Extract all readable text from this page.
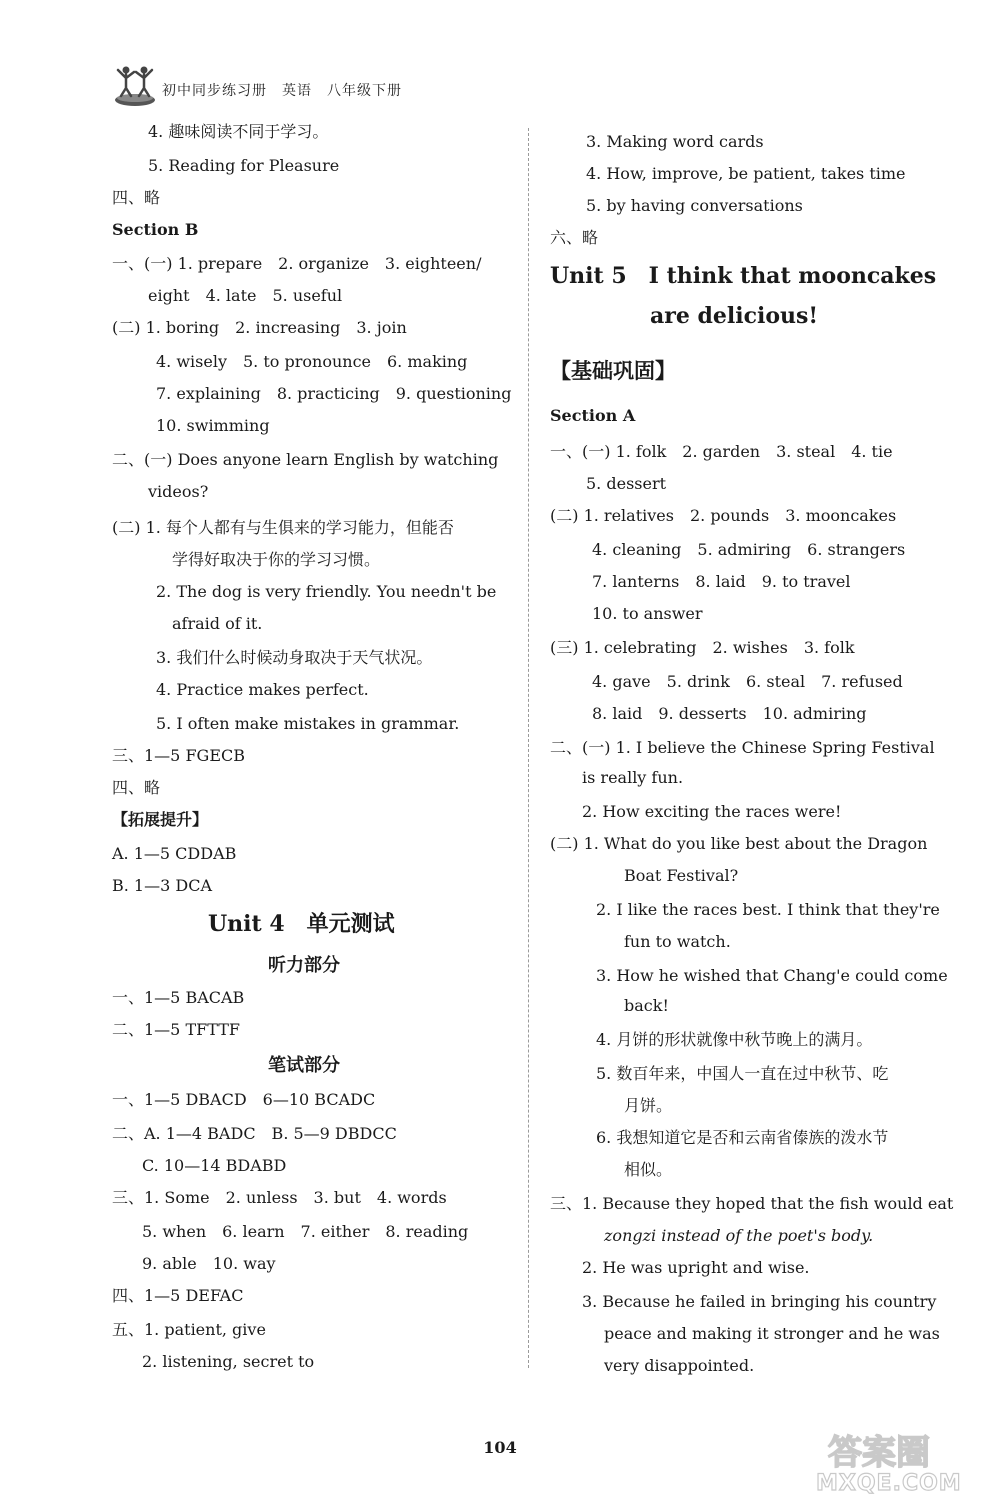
初中同步练习册　英语　八年级下册
4. 趣味阅读不同于学习。
5. Reading for Pleasure
四、略
Section B
一、(一) 1. prepare　2. organize　3. eighteen/
eight　4. late　5. useful
(二) 1. boring　2. increasing　3. join
4. wisely　5. to pronounce　6. making
7. explaining　8. practicing　9. questioning
10. swimming
二、(一) Does anyone learn English by watching
videos?
(二) 1. 每个人都有与生俱来的学习能力，但能否
学得好取决于你的学习习惯。
2. The dog is very friendly. You needn't be
afraid of it.
3. 我们什么时候动身取决于天气状况。
4. Practice makes perfect.
5. I often make mistakes in grammar.
三、1—5 FGECB
四、略
【拓展提升】
A. 1—5 CDDAB
B. 1—3 DCA
Unit 4　单元测试
听力部分
一、1—5 BACAB
二、1—5 TFTTF
笔试部分
一、1—5 DBACD　6—10 BCADC
二、A. 1—4 BADC　B. 5—9 DBDCC
C. 10—14 BDABD
三、1. Some　2. unless　3. but　4. words
5. when　6. learn　7. either　8. reading
9. able　10. way
四、1—5 DEFAC
五、1. patient, give
2. listening, secret to
3. Making word cards
4. How, improve, be patient, takes time
5. by having conversations
六、略
Unit 5　I think that mooncakes
are delicious!
【基础巩固】
Section A
一、(一) 1. folk　2. garden　3. steal　4. tie
5. dessert
(二) 1. relatives　2. pounds　3. mooncakes
4. cleaning　5. admiring　6. strangers
7. lanterns　8. laid　9. to travel
10. to answer
(三) 1. celebrating　2. wishes　3. folk
4. gave　5. drink　6. steal　7. refused
8. laid　9. desserts　10. admiring
二、(一) 1. I believe the Chinese Spring Festival
is really fun.
2. How exciting the races were!
(二) 1. What do you like best about the Dragon
Boat Festival?
2. I like the races best. I think that they're
fun to watch.
3. How he wished that Chang'e could come
back!
4. 月饼的形状就像中秋节晚上的满月。
5. 数百年来，中国人一直在过中秋节、吃
月饼。
6. 我想知道它是否和云南省傣族的泼水节
相似。
三、1. Because they hoped that the fish would eat
zongzi instead of the poet's body.
2. He was upright and wise.
3. Because he failed in bringing his country
peace and making it stronger and he was
very disappointed.
104	答案圈
MXQE.COM
